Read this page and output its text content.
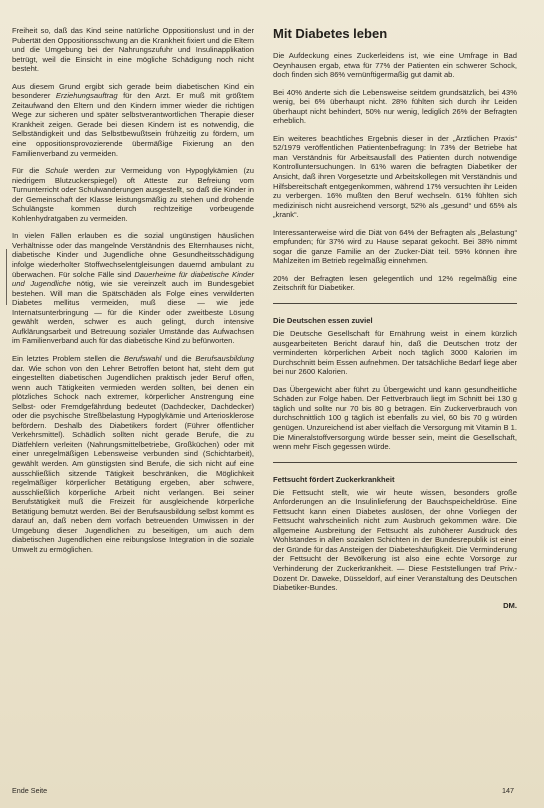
Freiheit so, daß das Kind seine natürliche Oppositionslust und in der Pubertät den Oppositionsschwung an die Krankheit fixiert und die Eltern und die Umgebung bei der Nahrungszufuhr und Insulinapplikation betrügt, weil die Einsicht in eine mögliche Schädigung noch nicht besteht.

Aus diesem Grund ergibt sich gerade beim diabetischen Kind ein besonderer Erziehungsauftrag für den Arzt. Er muß mit größtem Zeitaufwand den Eltern und den Kindern immer wieder die richtigen Wege zur sicheren und später selbstverantwortlichen Therapie dieser Krankheit zeigen. Gerade bei diesen Kindern ist es notwendig, die Selbständigkeit und das Selbstbewußtsein frühzeitig zu fördern, um eine oppositionsprovozierende übermäßige Fixierung an den Familienverband zu vermeiden.

Für die Schule werden zur Vermeidung von Hypoglykämien (zu niedrigem Blutzuckerspiegel) oft Atteste zur Befreiung vom Turnunterricht oder Schulwanderungen ausgestellt, so daß die Kinder in der Gemeinschaft der Klasse leistungsmäßig zu stehen und drohende Schulängste kommen durch rechtzeitige vorbeugende Kohlenhydratgaben zu vermeiden.

In vielen Fällen erlauben es die sozial ungünstigen häuslichen Verhältnisse oder das mangelnde Verständnis des Elternhauses nicht, diabetische Kinder und Jugendliche ohne Gesundheitsschädigung infolge wiederholter Stoffwechselentgleisungen dauernd ambulant zu überwachen. Für solche Fälle sind Dauerheime für diabetische Kinder und Jugendliche nötig, wie sie vereinzelt auch im Bundesgebiet bestehen. Will man die Spätschäden als Folge eines verwilderten Diabetes mellitus vermeiden, muß diese — wie jede Internatsunterbringung — für die Kinder oder zweitbeste Lösung gewählt werden, schwer es auch gelingt, durch intensive Aufklärungsarbeit und Betreuung sozialer Umstände das Aufwachsen im Familienverband auch für das diabetische Kind zu befürworten.

Ein letztes Problem stellen die Berufswahl und die Berufsausbildung dar. Wie schon von den Lehrer Betroffen betont hat, steht dem gut eingestellten diabetischen Jugendlichen praktisch jeder Beruf offen, wenn auch Tätigkeiten vermieden werden sollten, bei denen ein plötzliches Schock nach extremer, körperlicher Anstrengung eine Selbst- oder Fremdgefährdung bedeutet (Dachdecker, Dachdecker) oder die psychische Streßbelastung Hypoglykämie und Arteriosklerose befördern. Deshalb des Diabetikers fordert (Führer öffentlicher Verkehrsmittel). Schädlich sollten nicht gerade Berufe, die zu Diätfehlern verleiten (Nahrungsmittelbetriebe, Großküchen) oder mit einer unregelmäßigen Lebensweise verbunden sind (Schichtarbeit), gewählt werden. Am günstigsten sind Berufe, die sich nicht auf eine ausschließlich sitzende Tätigkeit beschränken, die Möglichkeit regelmäßiger körperlicher Betätigung ergeben, aber schwere, ausschließlich körperliche Arbeit nicht verlangen. Bei seiner Berufstätigkeit muß die Freizeit für ausgleichende körperliche Betätigung bemutzt werden. Bei der Berufsausbildung selbst kommt es darauf an, daß neben dem vorfach betreuenden Umwissen in der Umgebung dieser Jugendlichen zu beseitigen, um auch dem diabetischen Jugendlichen eine reibungslose Integration in die soziale Umwelt zu ermöglichen.

Mit Diabetes leben

Die Aufdeckung eines Zuckerleidens ist, wie eine Umfrage in Bad Oeynhausen ergab, etwa für 77% der Patienten ein schwerer Schock, doch finden sich 86% vernünftigermaßig gut damit ab.

Bei 40% änderte sich die Lebensweise seitdem grundsätzlich, bei 43% wenig, bei 6% überhaupt nicht. 28% fühlten sich durch ihr Leiden überhaupt nicht behindert, 50% nur wenig, lediglich 26% der Befragten erheblich.

Ein weiteres beachtliches Ergebnis dieser in der „Ärztlichen Praxis“ 52/1979 veröffentlichen Patientenbefragung: In 73% der Betriebe hat man Verständnis für Arbeitsausfall des Patienten durch notwendige Kontrolluntersuchungen. In 61% waren die befragten Diabetiker der Ansicht, daß ihren Vorgesetzte und Arbeitskollegen mit Verständnis und Hilfsbereitschaft entgegenkommen, während 17% versuchten ihr Leiden zu verbergen. 16% mußten den Beruf wechseln. 61% fühlten sich medizinisch nicht ausreichend versorgt, 52% als „gesund“ und 65% als „krank“.

Interessanterweise wird die Diät von 64% der Befragten als „Belastung“ empfunden; für 37% wird zu Hause separat gekocht. Bei 38% nimmt sogar die ganze Familie an der Zucker-Diät teil. 59% können ihre Mahlzeiten im Betrieb regelmäßig einnehmen.

20% der Befragten lesen gelegentlich und 12% regelmäßig eine Zeitschrift für Diabetiker.

Die Deutschen essen zuviel

Die Deutsche Gesellschaft für Ernährung weist in einem kürzlich ausgearbeiteten Bericht darauf hin, daß die Deutschen trotz der verminderten körperlichen Arbeit noch täglich 3000 Kalorien im Durchschnitt beim Essen aufnehmen. Der tatsächliche Bedarf liege aber bei nur 2600 Kalorien.

Das Übergewicht aber führt zu Übergewicht und kann gesundheitliche Schäden zur Folge haben. Der Fettverbrauch liegt im Schnitt bei 130 g täglich und sollte nur 70 bis 80 g betragen. Ein Zuckerverbrauch von durchschnittlich 100 g täglich ist ebenfalls zu viel, 60 bis 70 g würden genügen. Unzureichend ist aber vielfach die Versorgung mit Vitamin B 1. Die Mineralstoffversorgung würde besser sein, meint die Gesellschaft, wenn mehr Fisch gegessen würde.

Fettsucht fördert Zuckerkrankheit

Die Fettsucht stellt, wie wir heute wissen, besonders große Anforderungen an die Insulinlieferung der Bauchspeicheldrüse. Eine Fettsucht kann einen Diabetes auslösen, der ohne Vorliegen der Fettsucht wahrscheinlich nicht zum Ausbruch gekommen wäre. Die allgemeine Ausbreitung der Fettsucht als zuhöherer Ausdruck des Wohlstandes in allen sozialen Schichten in der Bundesrepublik ist einer der Gründe für das Ansteigen der Diabeteshäufigkeit. Die Verminderung der Fettsucht der Bevölkerung ist also eine echte Vorsorge zur Verhinderung der Zuckerkrankheit. — Diese Feststellungen traf Priv.-Dozent Dr. Daweke, Düsseldorf, auf einer Veranstaltung des Deutschen Diabetiker-Bundes.

DM.

Ende Seite	147
